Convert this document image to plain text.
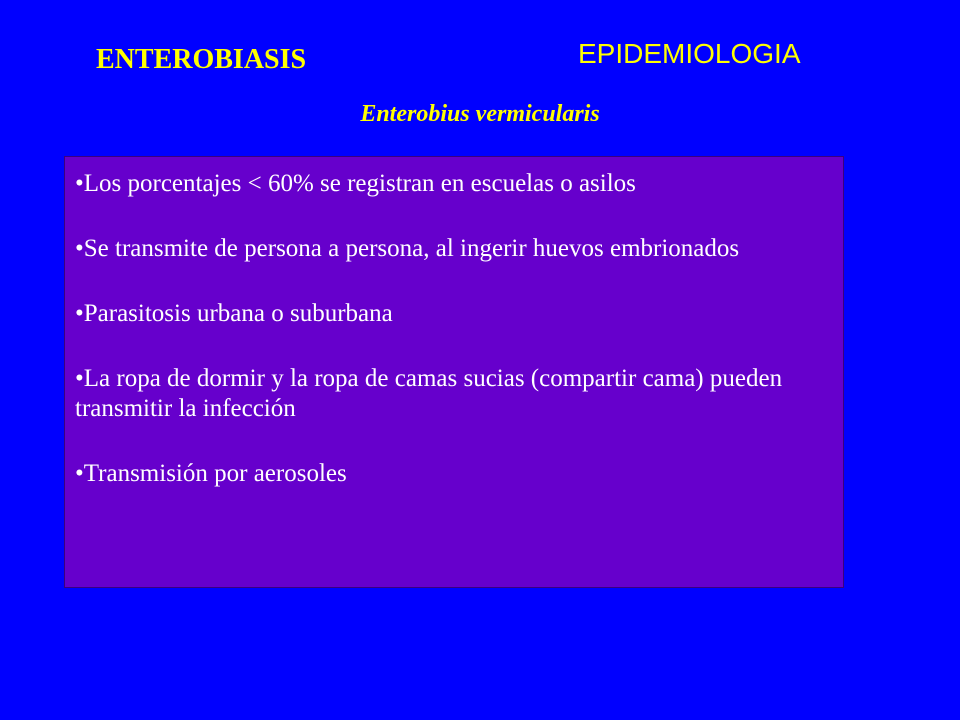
ENTEROBIASIS	EPIDEMIOLOGIA
Enterobius vermicularis
•Los porcentajes < 60% se registran en escuelas o asilos
•Se transmite de persona a persona, al ingerir huevos embrionados
•Parasitosis urbana o suburbana
•La ropa de dormir y la ropa de camas sucias (compartir cama) pueden transmitir la infección
•Transmisión por aerosoles
